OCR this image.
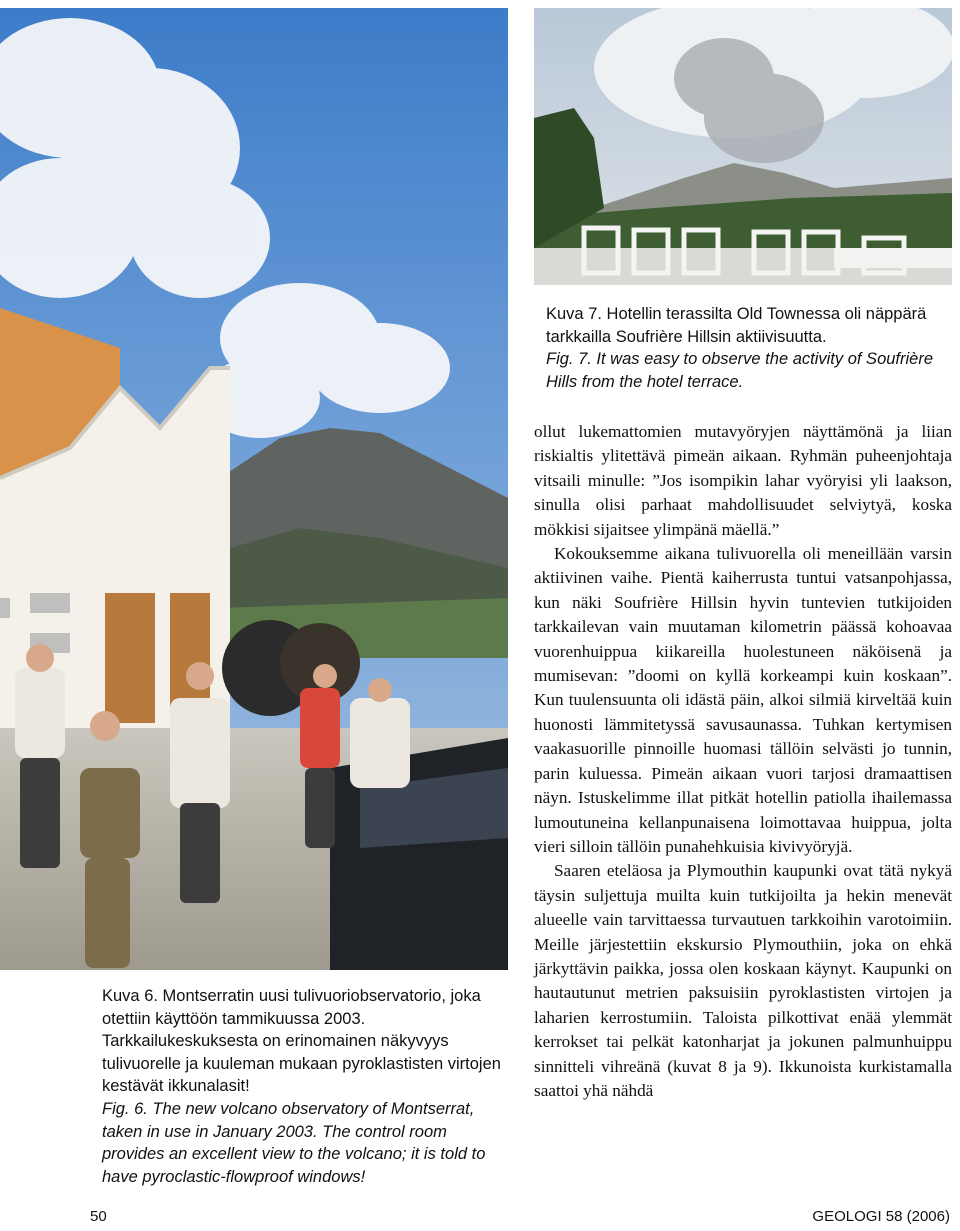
Kuva 7. Hotellin terassilta Old Townessa oli näppärä tarkkailla Soufrière Hillsin aktiivisuutta.
Fig. 7. It was easy to observe the activity of Soufrière Hills from the hotel terrace.
Kuva 6. Montserratin uusi tulivuoriobservatorio, joka otettiin käyttöön tammikuussa 2003. Tarkkailukeskuksesta on erinomainen näkyvyys tulivuorelle ja kuuleman mukaan pyroklastisten virtojen kestävät ikkunalasit!
Fig. 6. The new volcano observatory of Montserrat, taken in use in January 2003. The control room provides an excellent view to the volcano; it is told to have pyroclastic-flowproof windows!

ollut lukemattomien mutavyöryjen näyttämönä ja liian riskialtis ylitettävä pimeän aikaan. Ryhmän puheenjohtaja vitsaili minulle: ”Jos isompikin lahar vyöryisi yli laakson, sinulla olisi parhaat mahdollisuudet selviytyä, koska mökkisi sijaitsee ylimpänä mäellä.”

Kokouksemme aikana tulivuorella oli meneillään varsin aktiivinen vaihe. Pientä kaiherrusta tuntui vatsanpohjassa, kun näki Soufrière Hillsin hyvin tuntevien tutkijoiden tarkkailevan vain muutaman kilometrin päässä kohoavaa vuorenhuippua kiikareilla huolestuneen näköisenä ja mumisevan: ”doomi on kyllä korkeampi kuin koskaan”. Kun tuulensuunta oli idästä päin, alkoi silmiä kirveltää kuin huonosti lämmitetyssä savusaunassa. Tuhkan kertymisen vaakasuorille pinnoille huomasi tällöin selvästi jo tunnin, parin kuluessa. Pimeän aikaan vuori tarjosi dramaattisen näyn. Istuskelimme illat pitkät hotellin patiolla ihailemassa lumoutuneina kellanpunaisena loimottavaa huippua, jolta vieri silloin tällöin punahehkuisia kivivyöryjä.

Saaren eteläosa ja Plymouthin kaupunki ovat tätä nykyä täysin suljettuja muilta kuin tutkijoilta ja hekin menevät alueelle vain tarvittaessa turvautuen tarkkoihin varotoimiin. Meille järjestettiin ekskursio Plymouthiin, joka on ehkä järkyttävin paikka, jossa olen koskaan käynyt. Kaupunki on hautautunut metrien paksuisiin pyroklastisten virtojen ja laharien kerrostumiin. Taloista pilkottivat enää ylemmät kerrokset tai pelkät katonharjat ja jokunen palmunhuippu sinnitteli vihreänä (kuvat 8 ja 9). Ikkunoista kurkistamalla saattoi yhä nähdä

50	GEOLOGI 58 (2006)
